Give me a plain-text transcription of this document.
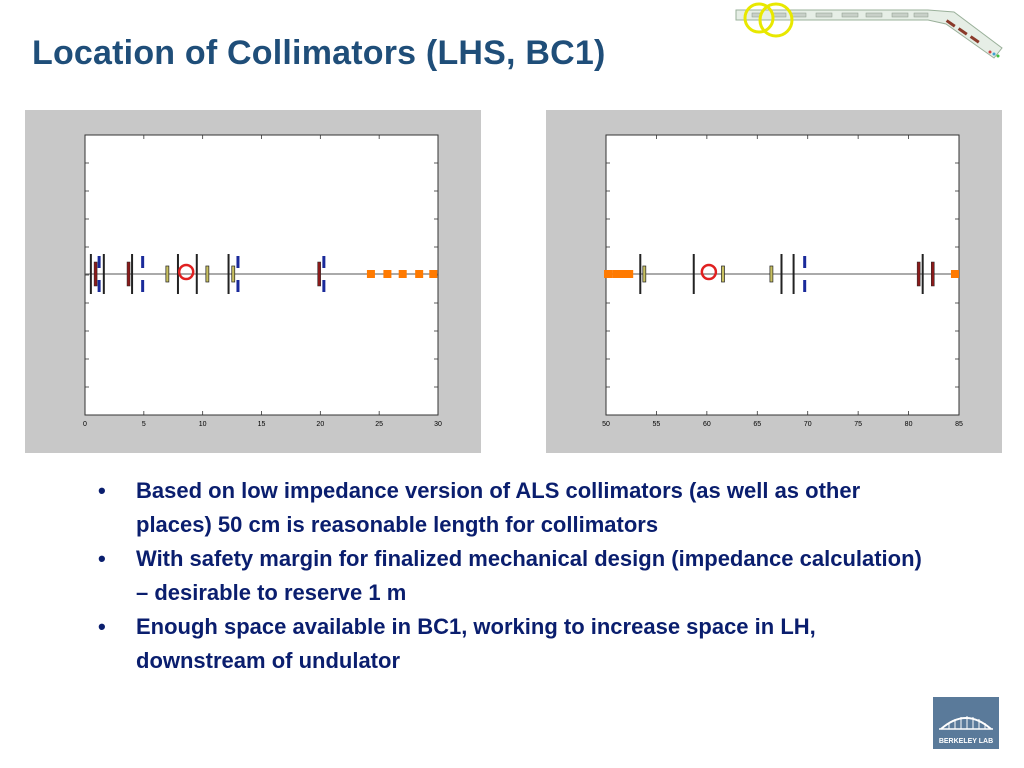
Location of Collimators (LHS, BC1)
0	5	10	15	20	25	30	50	55	60	65	70	75	80	85
• Based on low impedance version of ALS collimators (as well as other places) 50 cm is reasonable length for collimators
• With safety margin for finalized mechanical design (impedance calculation) – desirable to reserve 1 m
• Enough space available in BC1, working to increase space in LH, downstream of undulator
BERKELEY LAB
